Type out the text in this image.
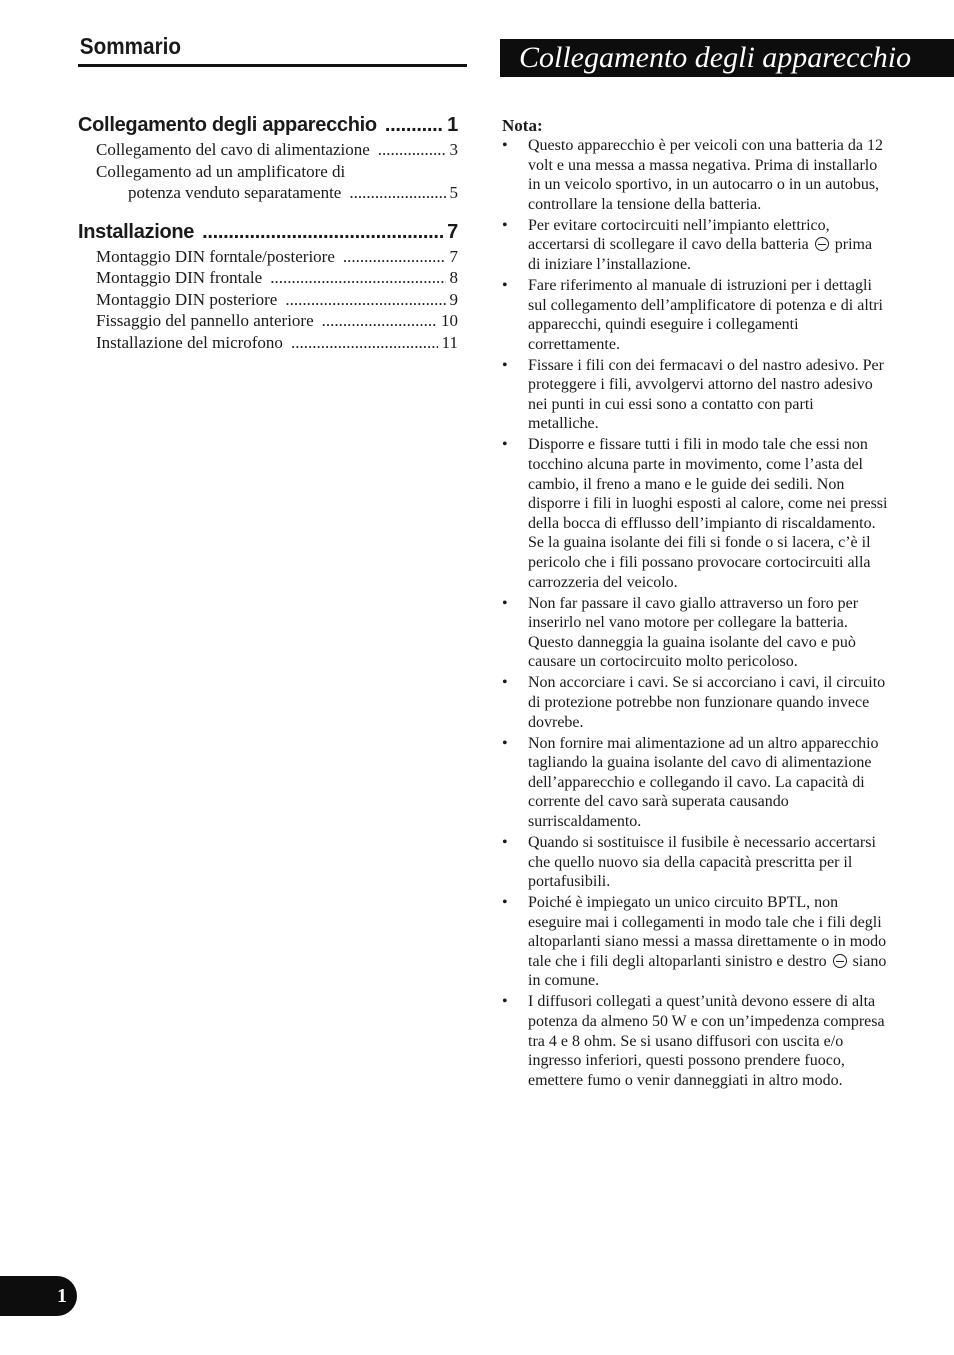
Sommario
Collegamento degli apparecchio .....	1
Collegamento del cavo di alimentazione .....	3
Collegamento ad un amplificatore di
potenza venduto separatamente .....	5
Installazione .....	7
Montaggio DIN forntale/posteriore .....	7
Montaggio DIN frontale .....	8
Montaggio DIN posteriore .....	9
Fissaggio del pannello anteriore .....	10
Installazione del microfono .....	11
Collegamento degli apparecchio
Nota:
• Questo apparecchio è per veicoli con una batteria da 12 volt e una messa a massa negativa. Prima di installarlo in un veicolo sportivo, in un autocarro o in un autobus, controllare la tensione della batteria.
• Per evitare cortocircuiti nell’impianto elettrico, accertarsi di scollegare il cavo della batteria prima di iniziare l’installazione.
• Fare riferimento al manuale di istruzioni per i dettagli sul collegamento dell’amplificatore di potenza e di altri apparecchi, quindi eseguire i collegamenti correttamente.
• Fissare i fili con dei fermacavi o del nastro adesivo. Per proteggere i fili, avvolgervi attorno del nastro adesivo nei punti in cui essi sono a contatto con parti metalliche.
• Disporre e fissare tutti i fili in modo tale che essi non tocchino alcuna parte in movimento, come l’asta del cambio, il freno a mano e le guide dei sedili. Non disporre i fili in luoghi esposti al calore, come nei pressi della bocca di efflusso dell’impianto di riscaldamento. Se la guaina isolante dei fili si fonde o si lacera, c’è il pericolo che i fili possano provocare cortocircuiti alla carrozzeria del veicolo.
• Non far passare il cavo giallo attraverso un foro per inserirlo nel vano motore per collegare la batteria. Questo danneggia la guaina isolante del cavo e può causare un cortocircuito molto pericoloso.
• Non accorciare i cavi. Se si accorciano i cavi, il circuito di protezione potrebbe non funzionare quando invece dovrebe.
• Non fornire mai alimentazione ad un altro apparecchio tagliando la guaina isolante del cavo di alimentazione dell’apparecchio e collegando il cavo. La capacità di corrente del cavo sarà superata causando surriscaldamento.
• Quando si sostituisce il fusibile è necessario accertarsi che quello nuovo sia della capacità prescritta per il portafusibili.
• Poiché è impiegato un unico circuito BPTL, non eseguire mai i collegamenti in modo tale che i fili degli altoparlanti siano messi a massa direttamente o in modo tale che i fili degli altoparlanti sinistro e destro siano in comune.
• I diffusori collegati a quest’unità devono essere di alta potenza da almeno 50 W e con un’impedenza compresa tra 4 e 8 ohm. Se si usano diffusori con uscita e/o ingresso inferiori, questi possono prendere fuoco, emettere fumo o venir danneggiati in altro modo.
1
